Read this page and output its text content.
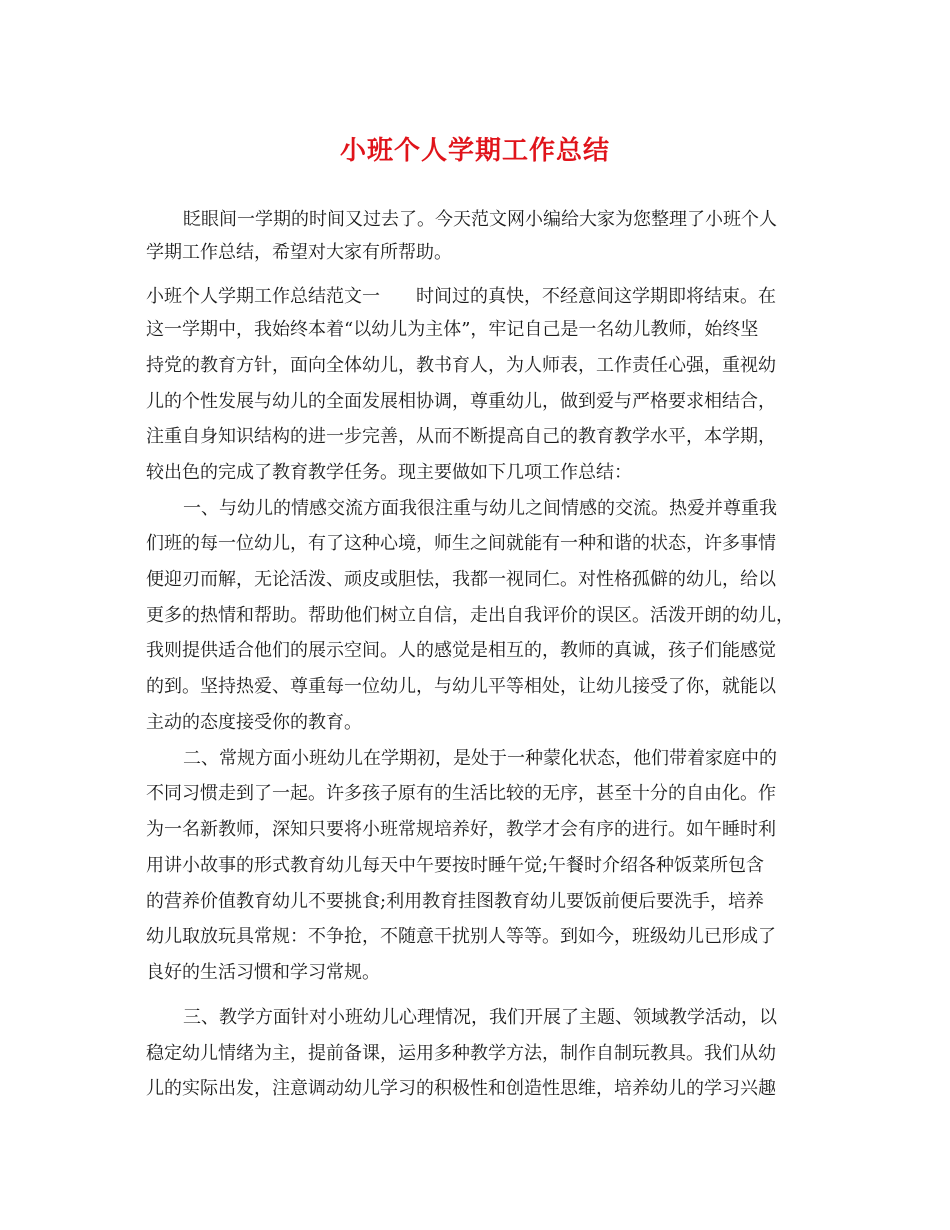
小班个人学期工作总结
眨眼间一学期的时间又过去了。今天范文网小编给大家为您整理了小班个人
学期工作总结，希望对大家有所帮助。
小班个人学期工作总结范文一 时间过的真快，不经意间这学期即将结束。在
这一学期中，我始终本着“以幼儿为主体”，牢记自己是一名幼儿教师，始终坚
持党的教育方针，面向全体幼儿，教书育人，为人师表，工作责任心强，重视幼
儿的个性发展与幼儿的全面发展相协调，尊重幼儿，做到爱与严格要求相结合，
注重自身知识结构的进一步完善，从而不断提高自己的教育教学水平，本学期，
较出色的完成了教育教学任务。现主要做如下几项工作总结：
一、与幼儿的情感交流方面我很注重与幼儿之间情感的交流。热爱并尊重我
们班的每一位幼儿，有了这种心境，师生之间就能有一种和谐的状态，许多事情
便迎刃而解，无论活泼、顽皮或胆怯，我都一视同仁。对性格孤僻的幼儿，给以
更多的热情和帮助。帮助他们树立自信，走出自我评价的误区。活泼开朗的幼儿，
我则提供适合他们的展示空间。人的感觉是相互的，教师的真诚，孩子们能感觉
的到。坚持热爱、尊重每一位幼儿，与幼儿平等相处，让幼儿接受了你，就能以
主动的态度接受你的教育。
二、常规方面小班幼儿在学期初，是处于一种蒙化状态，他们带着家庭中的
不同习惯走到了一起。许多孩子原有的生活比较的无序，甚至十分的自由化。作
为一名新教师，深知只要将小班常规培养好，教学才会有序的进行。如午睡时利
用讲小故事的形式教育幼儿每天中午要按时睡午觉;午餐时介绍各种饭菜所包含
的营养价值教育幼儿不要挑食;利用教育挂图教育幼儿要饭前便后要洗手，培养
幼儿取放玩具常规：不争抢，不随意干扰别人等等。到如今，班级幼儿已形成了
良好的生活习惯和学习常规。
三、教学方面针对小班幼儿心理情况，我们开展了主题、领域教学活动，以
稳定幼儿情绪为主，提前备课，运用多种教学方法，制作自制玩教具。我们从幼
儿的实际出发，注意调动幼儿学习的积极性和创造性思维，培养幼儿的学习兴趣
